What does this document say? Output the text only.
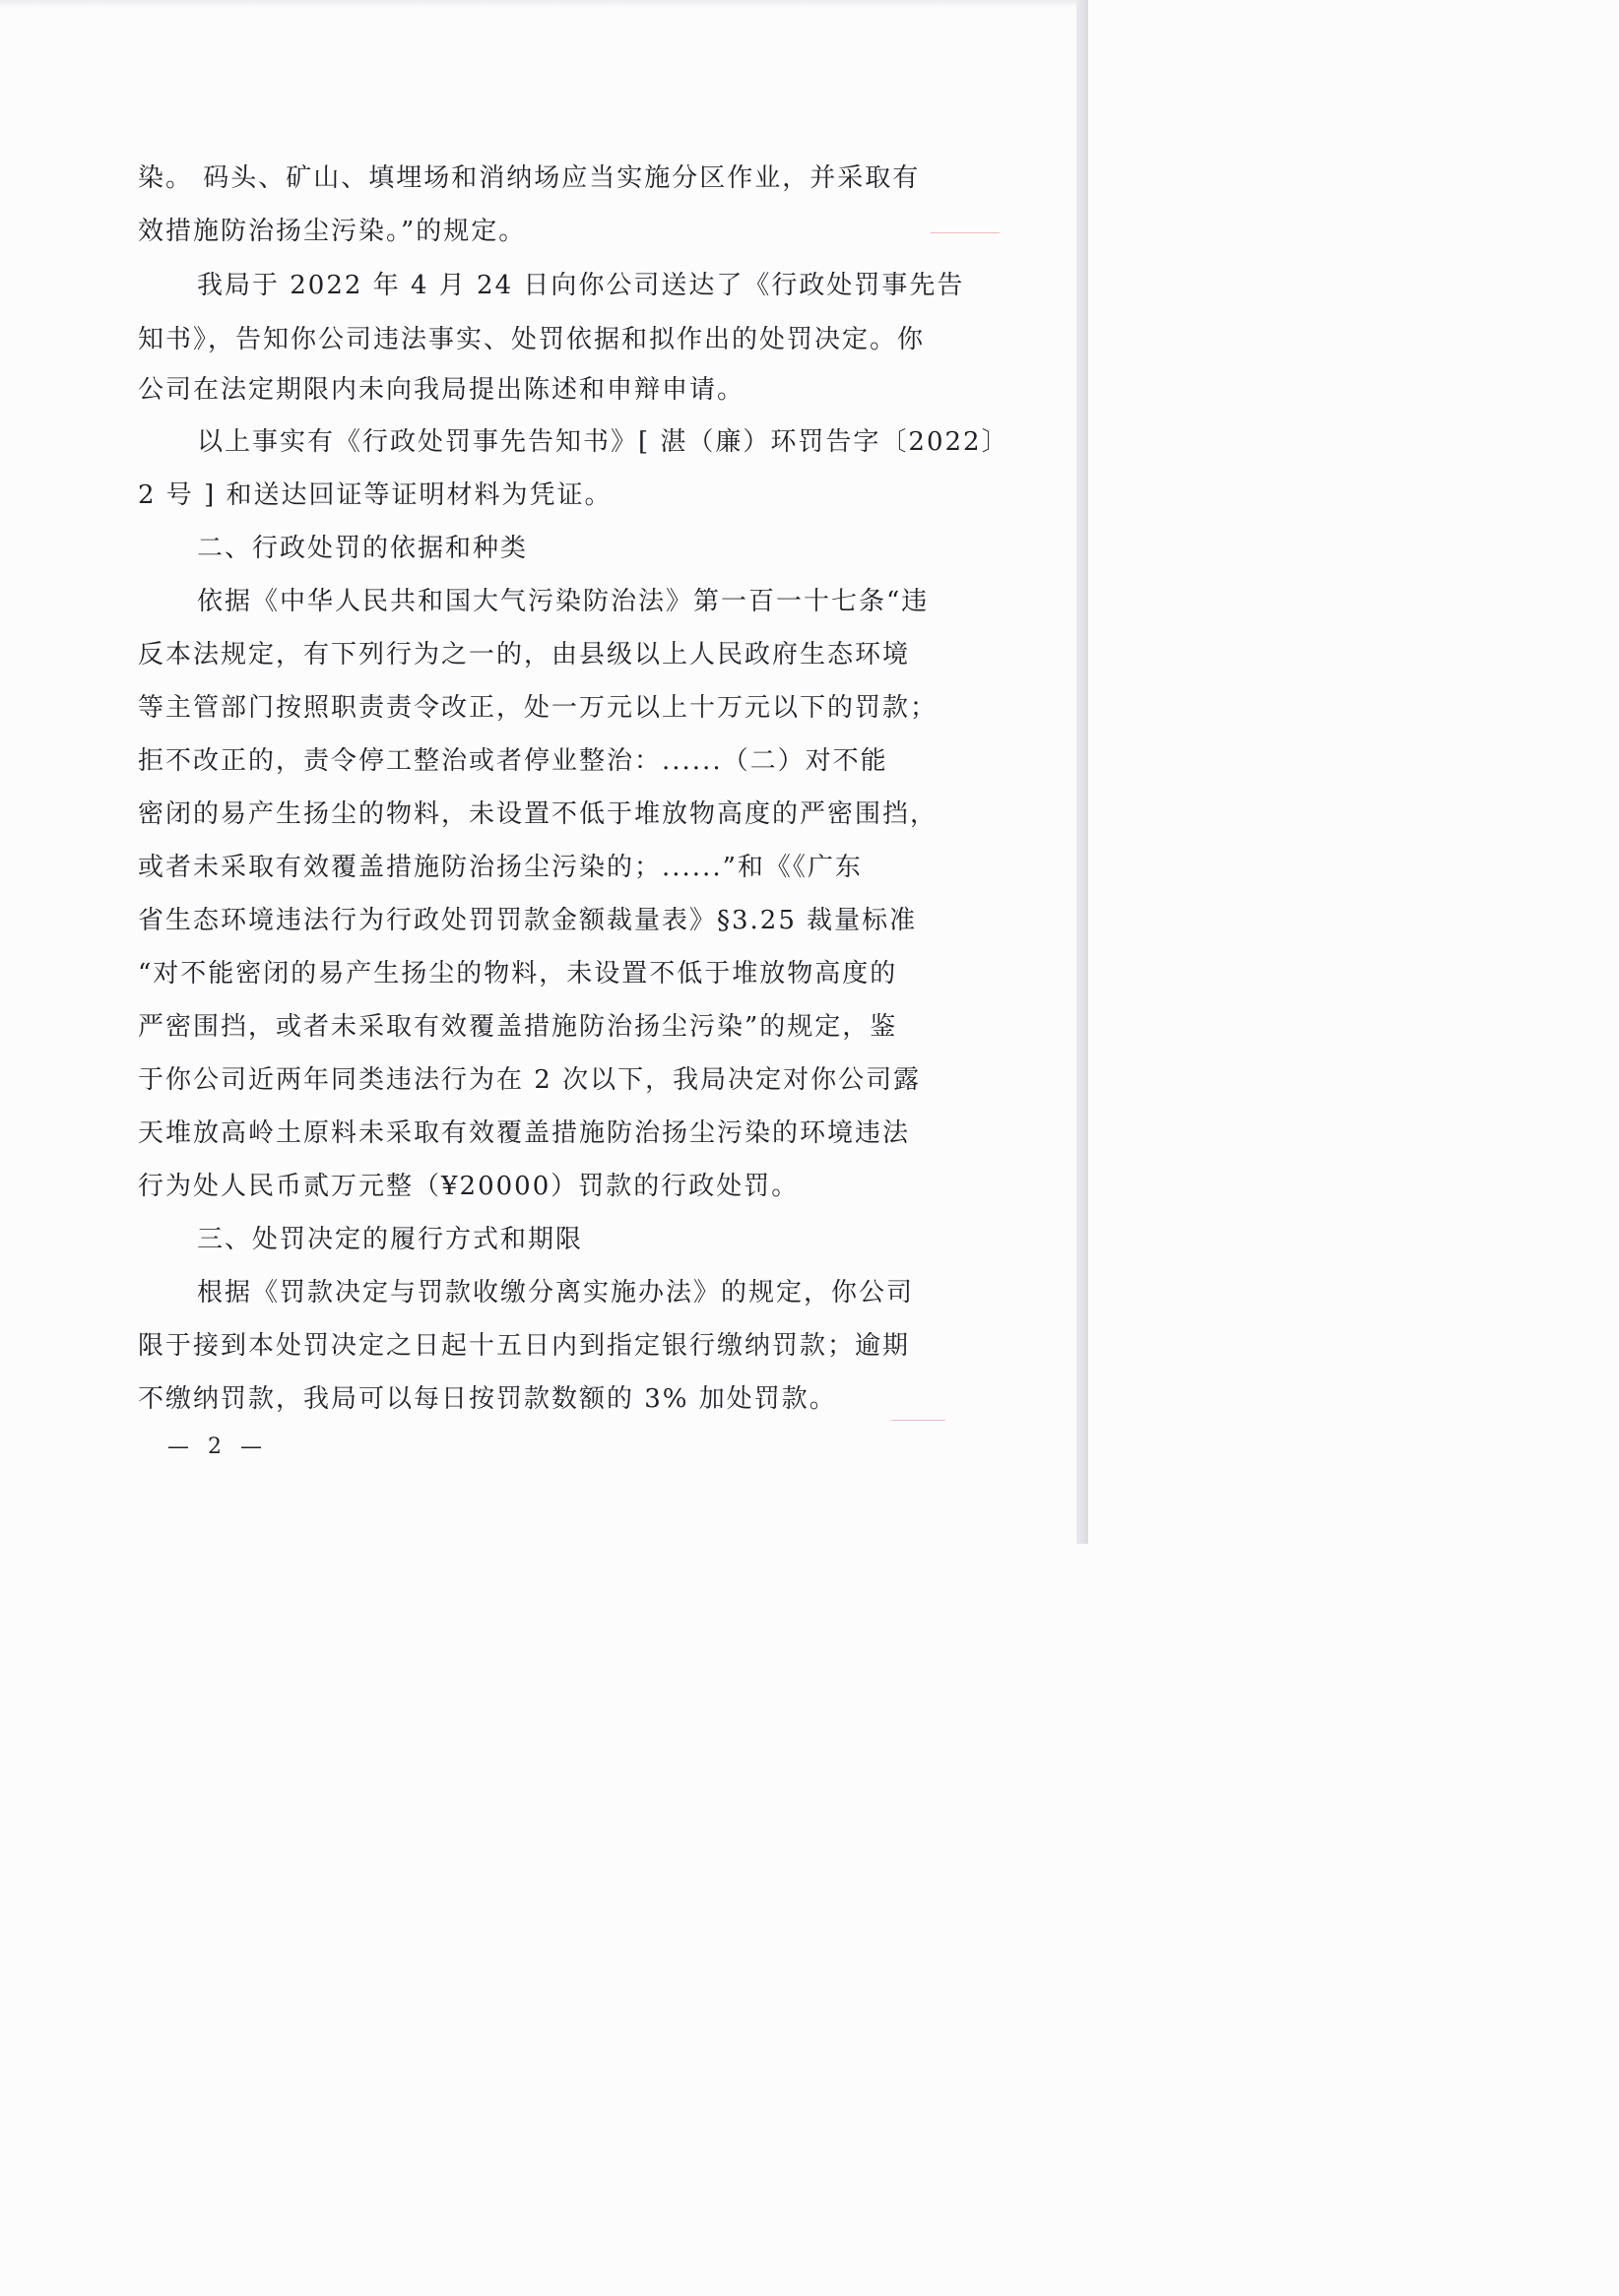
染。 码头、矿山、填埋场和消纳场应当实施分区作业，并采取有
效措施防治扬尘污染。”的规定。
我局于 2022 年 4 月 24 日向你公司送达了《行政处罚事先告
知书》，告知你公司违法事实、处罚依据和拟作出的处罚决定。你
公司在法定期限内未向我局提出陈述和申辩申请。
以上事实有《行政处罚事先告知书》[ 湛（廉）环罚告字〔2022〕
2 号 ] 和送达回证等证明材料为凭证。
二、行政处罚的依据和种类
依据《中华人民共和国大气污染防治法》第一百一十七条“违
反本法规定，有下列行为之一的，由县级以上人民政府生态环境
等主管部门按照职责责令改正，处一万元以上十万元以下的罚款；
拒不改正的，责令停工整治或者停业整治：......（二）对不能
密闭的易产生扬尘的物料，未设置不低于堆放物高度的严密围挡，
或者未采取有效覆盖措施防治扬尘污染的；......”和《《广东
省生态环境违法行为行政处罚罚款金额裁量表》§3.25 裁量标准
“对不能密闭的易产生扬尘的物料，未设置不低于堆放物高度的
严密围挡，或者未采取有效覆盖措施防治扬尘污染”的规定，鉴
于你公司近两年同类违法行为在 2 次以下，我局决定对你公司露
天堆放高岭土原料未采取有效覆盖措施防治扬尘污染的环境违法
行为处人民币贰万元整（¥20000）罚款的行政处罚。
三、处罚决定的履行方式和期限
根据《罚款决定与罚款收缴分离实施办法》的规定，你公司
限于接到本处罚决定之日起十五日内到指定银行缴纳罚款；逾期
不缴纳罚款，我局可以每日按罚款数额的 3% 加处罚款。
— 2 —
